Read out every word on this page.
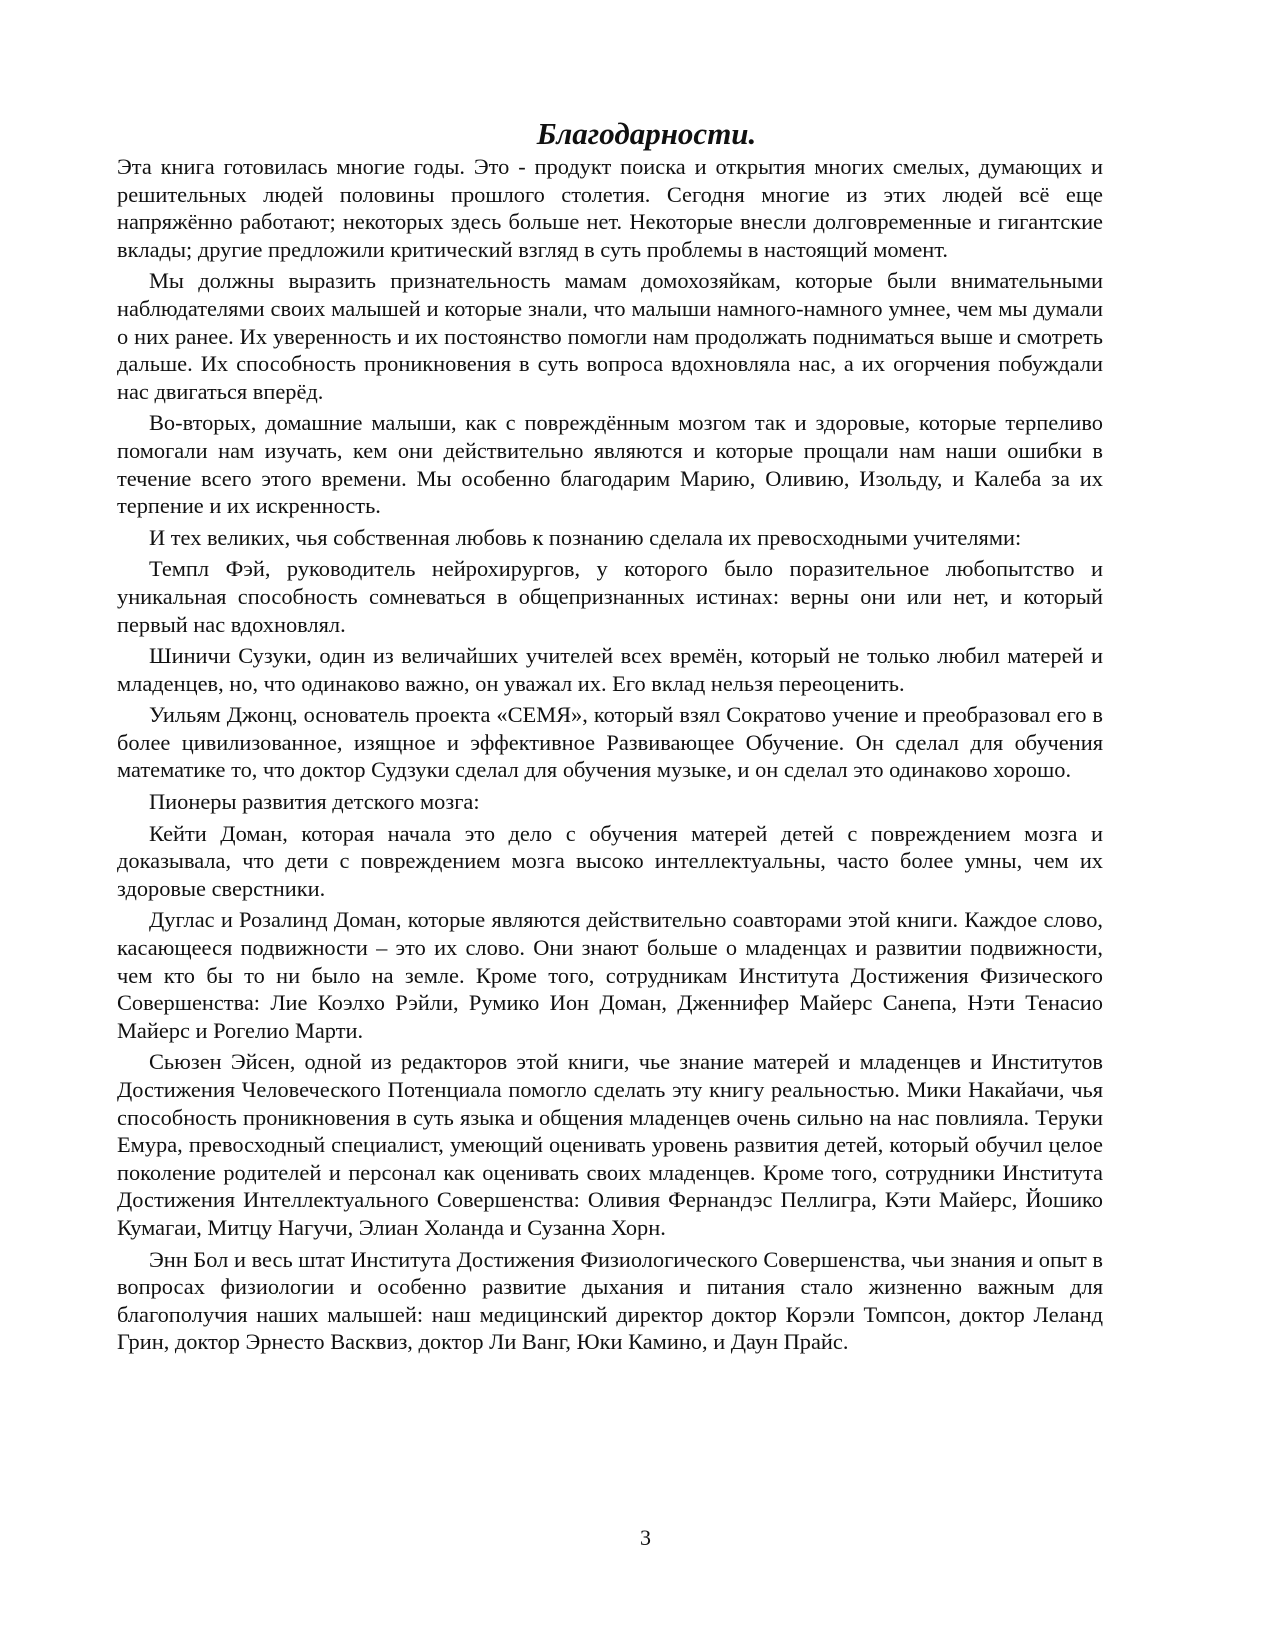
Благодарности.

Эта книга готовилась многие годы. Это - продукт поиска и открытия многих смелых, думающих и решительных людей половины прошлого столетия. Сегодня многие из этих людей всё еще напряжённо работают; некоторых здесь больше нет. Некоторые внесли долговременные и гигантские вклады; другие предложили критический взгляд в суть проблемы в настоящий момент.

Мы должны выразить признательность мамам домохозяйкам, которые были внимательными наблюдателями своих малышей и которые знали, что малыши намного-намного умнее, чем мы думали о них ранее. Их уверенность и их постоянство помогли нам продолжать подниматься выше и смотреть дальше. Их способность проникновения в суть вопроса вдохновляла нас, а их огорчения побуждали нас двигаться вперёд.

Во-вторых, домашние малыши, как с повреждённым мозгом так и здоровые, которые терпеливо помогали нам изучать, кем они действительно являются и которые прощали нам наши ошибки в течение всего этого времени. Мы особенно благодарим Марию, Оливию, Изольду, и Калеба за их терпение и их искренность.

И тех великих, чья собственная любовь к познанию сделала их превосходными учителями:

Темпл Фэй, руководитель нейрохирургов, у которого было поразительное любопытство и уникальная способность сомневаться в общепризнанных истинах: верны они или нет, и который первый нас вдохновлял.

Шиничи Сузуки, один из величайших учителей всех времён, который не только любил матерей и младенцев, но, что одинаково важно, он уважал их. Его вклад нельзя переоценить.

Уильям Джонц, основатель проекта «СЕМЯ», который взял Сократово учение и преобразовал его в более цивилизованное, изящное и эффективное Развивающее Обучение. Он сделал для обучения математике то, что доктор Судзуки сделал для обучения музыке, и он сделал это одинаково хорошо.

Пионеры развития детского мозга:

Кейти Доман, которая начала это дело с обучения матерей детей с повреждением мозга и доказывала, что дети с повреждением мозга высоко интеллектуальны, часто более умны, чем их здоровые сверстники.

Дуглас и Розалинд Доман, которые являются действительно соавторами этой книги. Каждое слово, касающееся подвижности – это их слово. Они знают больше о младенцах и развитии подвижности, чем кто бы то ни было на земле. Кроме того, сотрудникам Института Достижения Физического Совершенства: Лие Коэлхо Рэйли, Румико Ион Доман, Дженнифер Майерс Санепа, Нэти Тенасио Майерс и Рогелио Марти.

Сьюзен Эйсен, одной из редакторов этой книги, чье знание матерей и младенцев и Институтов Достижения Человеческого Потенциала помогло сделать эту книгу реальностью. Мики Накайачи, чья способность проникновения в суть языка и общения младенцев очень сильно на нас повлияла. Теруки Емура, превосходный специалист, умеющий оценивать уровень развития детей, который обучил целое поколение родителей и персонал как оценивать своих младенцев. Кроме того, сотрудники Института Достижения Интеллектуального Совершенства: Оливия Фернандэс Пеллигра, Кэти Майерс, Йошико Кумагаи, Митцу Нагучи, Элиан Холанда и Сузанна Хорн.

Энн Бол и весь штат Института Достижения Физиологического Совершенства, чьи знания и опыт в вопросах физиологии и особенно развитие дыхания и питания стало жизненно важным для благополучия наших малышей: наш медицинский директор доктор Корэли Томпсон, доктор Леланд Грин, доктор Эрнесто Васквиз, доктор Ли Ванг, Юки Камино, и Даун Прайс.

3
